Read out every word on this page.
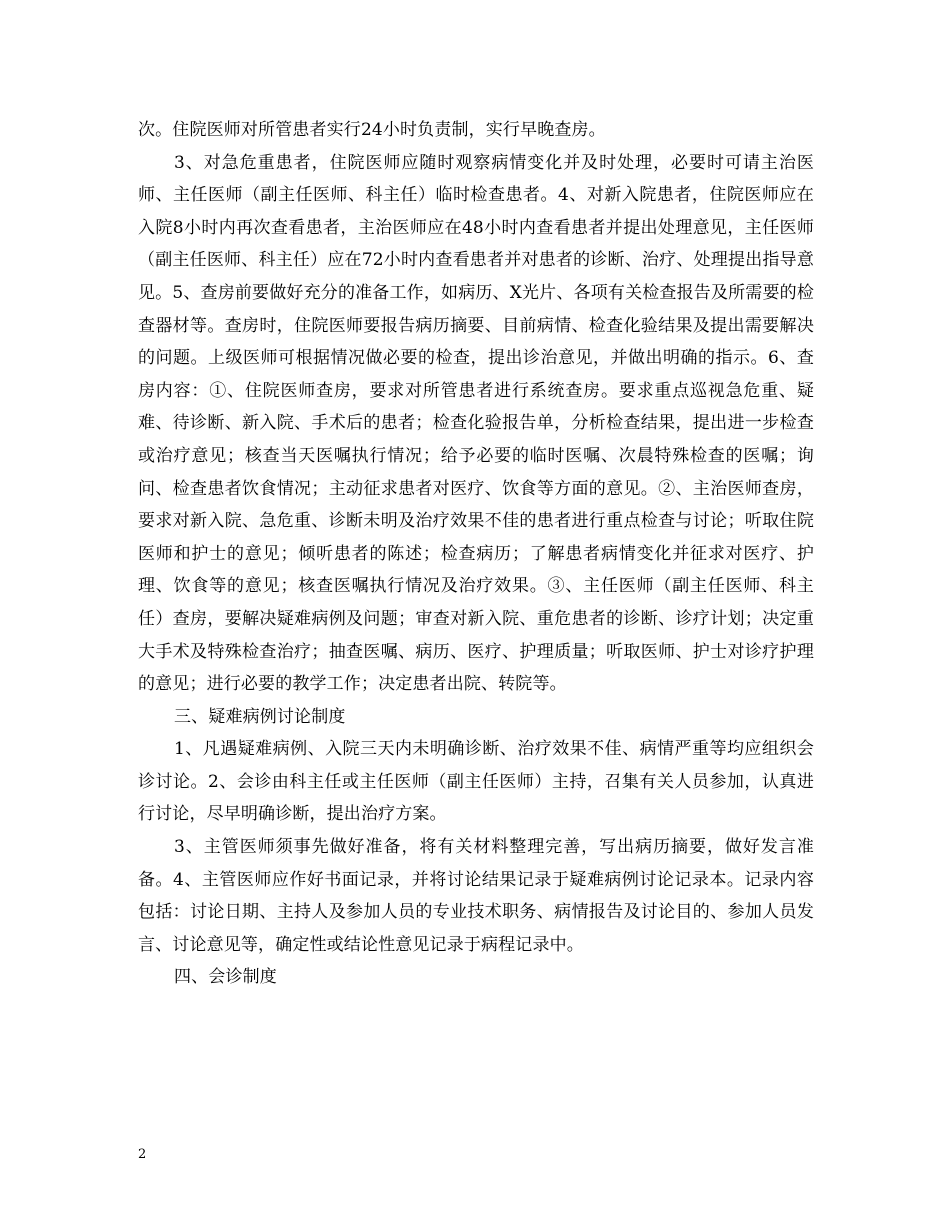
次。住院医师对所管患者实行24小时负责制，实行早晚查房。

3、对急危重患者，住院医师应随时观察病情变化并及时处理，必要时可请主治医师、主任医师（副主任医师、科主任）临时检查患者。4、对新入院患者，住院医师应在入院8小时内再次查看患者，主治医师应在48小时内查看患者并提出处理意见，主任医师（副主任医师、科主任）应在72小时内查看患者并对患者的诊断、治疗、处理提出指导意见。5、查房前要做好充分的准备工作，如病历、X光片、各项有关检查报告及所需要的检查器材等。查房时，住院医师要报告病历摘要、目前病情、检查化验结果及提出需要解决的问题。上级医师可根据情况做必要的检查，提出诊治意见，并做出明确的指示。6、查房内容：①、住院医师查房，要求对所管患者进行系统查房。要求重点巡视急危重、疑难、待诊断、新入院、手术后的患者；检查化验报告单，分析检查结果，提出进一步检查或治疗意见；核查当天医嘱执行情况；给予必要的临时医嘱、次晨特殊检查的医嘱；询问、检查患者饮食情况；主动征求患者对医疗、饮食等方面的意见。②、主治医师查房，要求对新入院、急危重、诊断未明及治疗效果不佳的患者进行重点检查与讨论；听取住院医师和护士的意见；倾听患者的陈述；检查病历；了解患者病情变化并征求对医疗、护理、饮食等的意见；核查医嘱执行情况及治疗效果。③、主任医师（副主任医师、科主任）查房，要解决疑难病例及问题；审查对新入院、重危患者的诊断、诊疗计划；决定重大手术及特殊检查治疗；抽查医嘱、病历、医疗、护理质量；听取医师、护士对诊疗护理的意见；进行必要的教学工作；决定患者出院、转院等。

三、疑难病例讨论制度

1、凡遇疑难病例、入院三天内未明确诊断、治疗效果不佳、病情严重等均应组织会诊讨论。2、会诊由科主任或主任医师（副主任医师）主持，召集有关人员参加，认真进行讨论，尽早明确诊断，提出治疗方案。

3、主管医师须事先做好准备，将有关材料整理完善，写出病历摘要，做好发言准备。4、主管医师应作好书面记录，并将讨论结果记录于疑难病例讨论记录本。记录内容包括：讨论日期、主持人及参加人员的专业技术职务、病情报告及讨论目的、参加人员发言、讨论意见等，确定性或结论性意见记录于病程记录中。

四、会诊制度

2
